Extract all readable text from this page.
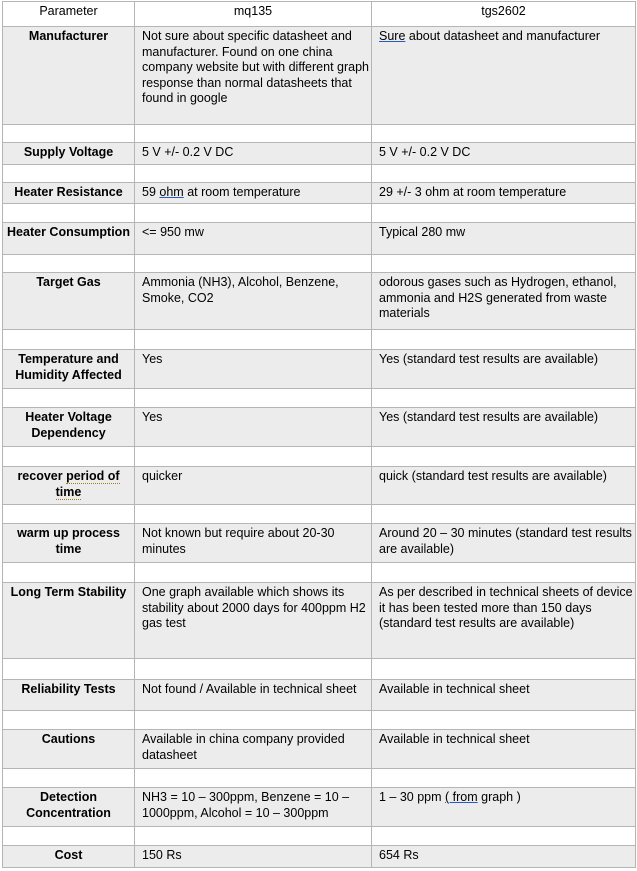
Parameter	mq135	tgs2602
Manufacturer	Not sure about specific datasheet and manufacturer. Found on one china company website but with different graph response than normal datasheets that found in google	Sure about datasheet and manufacturer

Supply Voltage	5 V +/- 0.2 V DC	5 V +/- 0.2 V DC

Heater Resistance	59 ohm at room temperature	29 +/- 3 ohm at room temperature

Heater Consumption	<= 950 mw	Typical 280 mw

Target Gas	Ammonia (NH3), Alcohol, Benzene, Smoke, CO2	odorous gases such as Hydrogen, ethanol, ammonia and H2S generated from waste materials

Temperature and Humidity Affected	Yes	Yes (standard test results are available)

Heater Voltage Dependency	Yes	Yes (standard test results are available)

recover period of time	quicker	quick (standard test results are available)

warm up process time	Not known but require about 20-30 minutes	Around 20 – 30 minutes (standard test results are available)

Long Term Stability	One graph available which shows its stability about 2000 days for 400ppm H2 gas test	As per described in technical sheets of device it has been tested more than 150 days (standard test results are available)

Reliability Tests	Not found / Available in technical sheet	Available in technical sheet

Cautions	Available in china company provided datasheet	Available in technical sheet

Detection Concentration	NH3 = 10 – 300ppm, Benzene = 10 – 1000ppm, Alcohol = 10 – 300ppm	1 – 30 ppm ( from graph )

Cost	150 Rs	654 Rs
